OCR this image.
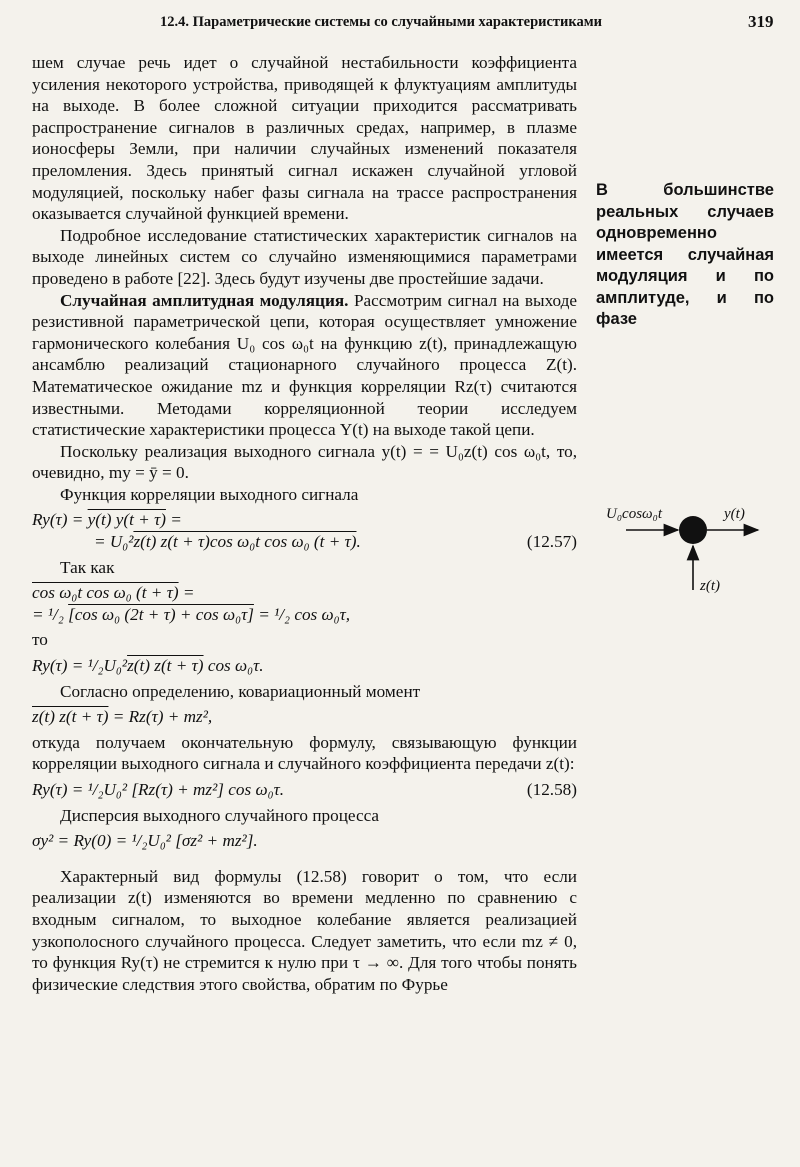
12.4. Параметрические системы со случайными характеристиками	319

шем случае речь идет о случайной нестабильности коэффициента усиления некоторого устройства, приводящей к флуктуациям амплитуды на выходе. В более сложной ситуации приходится рассматривать распространение сигналов в различных средах, например, в плазме ионосферы Земли, при наличии случайных изменений показателя преломления. Здесь принятый сигнал искажен случайной угловой модуляцией, поскольку набег фазы сигнала на трассе распространения оказывается случайной функцией времени.

Подробное исследование статистических характеристик сигналов на выходе линейных систем со случайно изменяющимися параметрами проведено в работе [22]. Здесь будут изучены две простейшие задачи.

Случайная амплитудная модуляция. Рассмотрим сигнал на выходе резистивной параметрической цепи, которая осуществляет умножение гармонического колебания U₀ cos ω₀t на функцию z(t), принадлежащую ансамблю реализаций стационарного случайного процесса Z(t). Математическое ожидание mz и функция корреляции Rz(τ) считаются известными. Методами корреляционной теории исследуем статистические характеристики процесса Y(t) на выходе такой цепи.

Поскольку реализация выходного сигнала y(t) = = U₀z(t) cos ω₀t, то, очевидно, my = ȳ = 0.

Функция корреляции выходного сигнала

Ry(τ) = y(t) y(t + τ) =
= U₀²z(t) z(t + τ)cos ω₀t cos ω₀ (t + τ).	(12.57)

Так как

cos ω₀t cos ω₀ (t + τ) =
= ¹/₂ [cos ω₀ (2t + τ) + cos ω₀τ] = ¹/₂ cos ω₀τ,

то

Ry(τ) = ¹/₂U₀²z(t) z(t + τ) cos ω₀τ.

Согласно определению, ковариационный момент

z(t) z(t + τ) = Rz(τ) + mz²,

откуда получаем окончательную формулу, связывающую функции корреляции выходного сигнала и случайного коэффициента передачи z(t):

Ry(τ) = ¹/₂U₀² [Rz(τ) + mz²] cos ω₀τ.	(12.58)

Дисперсия выходного случайного процесса

σy² = Ry(0) = ¹/₂U₀² [σz² + mz²].

Характерный вид формулы (12.58) говорит о том, что если реализации z(t) изменяются во времени медленно по сравнению с входным сигналом, то выходное колебание является реализацией узкополосного случайного процесса. Следует заметить, что если mz ≠ 0, то функция Ry(τ) не стремится к нулю при τ → ∞. Для того чтобы понять физические следствия этого свойства, обратим по Фурье

В большинстве реальных случаев одновременно имеется случайная модуляция и по амплитуде, и по фазе
U₀cosω₀t	y(t)
z(t)
